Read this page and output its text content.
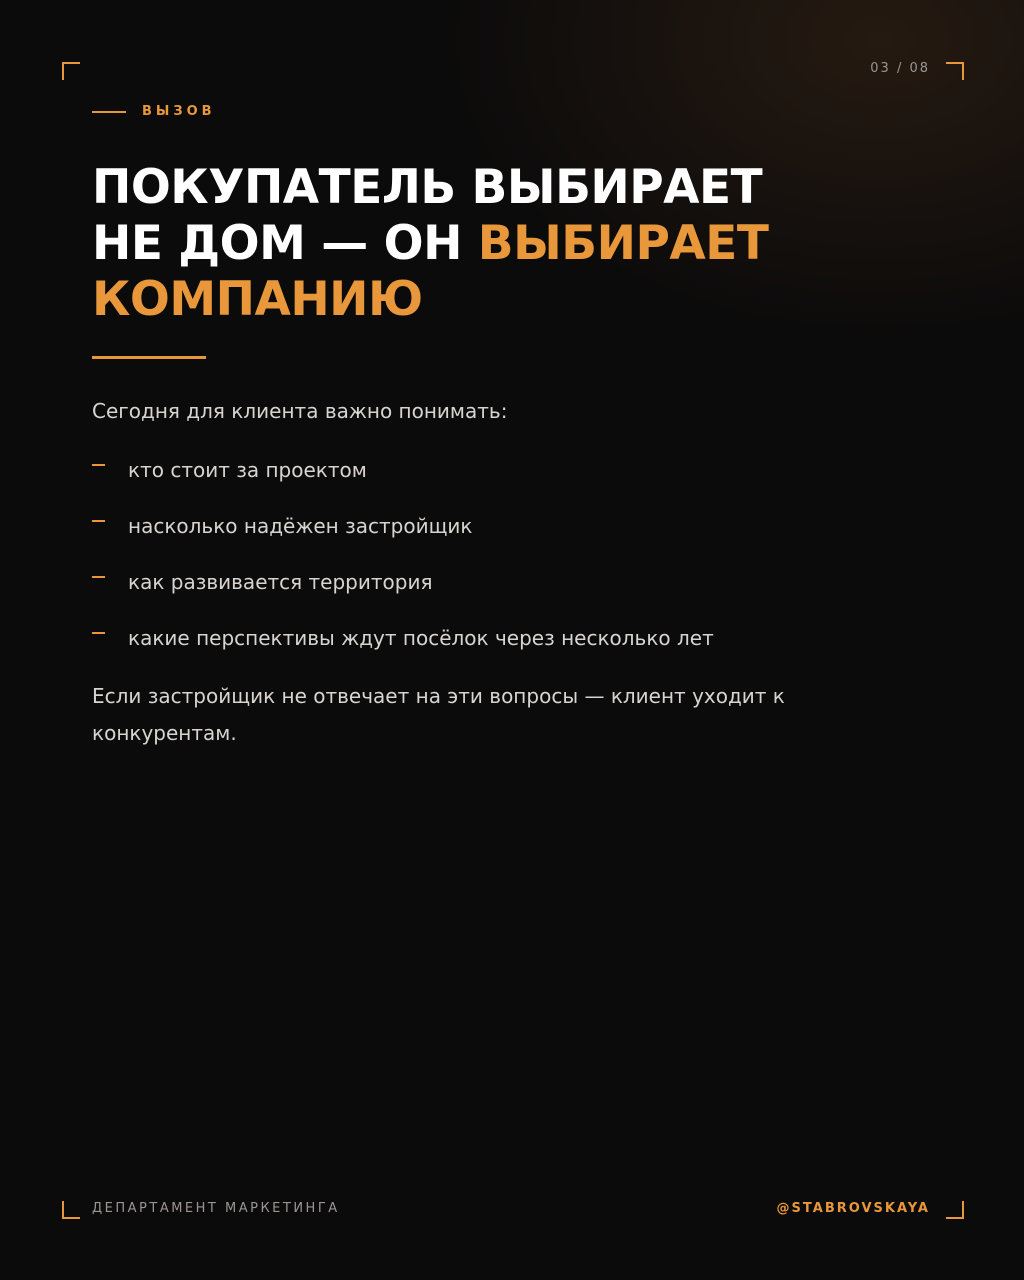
03 / 08
ВЫЗОВ
ПОКУПАТЕЛЬ ВЫБИРАЕТ
НЕ ДОМ — ОН ВЫБИРАЕТ
КОМПАНИЮ

Сегодня для клиента важно понимать:

кто стоит за проектом
насколько надёжен застройщик
как развивается территория
какие перспективы ждут посёлок через несколько лет

Если застройщик не отвечает на эти вопросы — клиент уходит к конкурентам.

ДЕПАРТАМЕНТ МАРКЕТИНГА	@STABROVSKAYA
